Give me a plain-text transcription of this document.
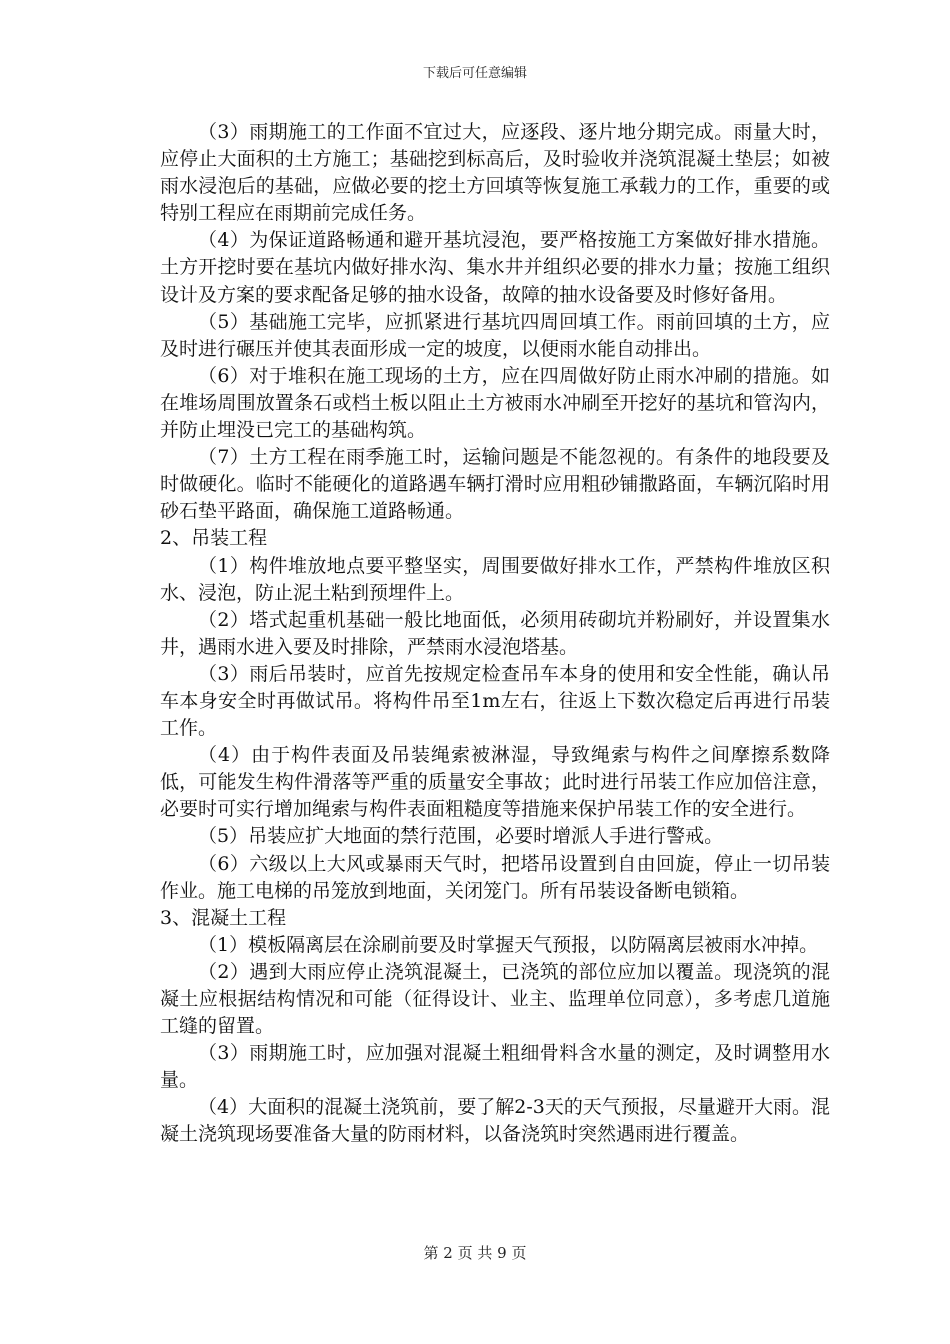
下载后可任意编辑

（3）雨期施工的工作面不宜过大，应逐段、逐片地分期完成。雨量大时，应停止大面积的土方施工；基础挖到标高后，及时验收并浇筑混凝土垫层；如被雨水浸泡后的基础，应做必要的挖土方回填等恢复施工承载力的工作，重要的或特别工程应在雨期前完成任务。

（4）为保证道路畅通和避开基坑浸泡，要严格按施工方案做好排水措施。土方开挖时要在基坑内做好排水沟、集水井并组织必要的排水力量；按施工组织设计及方案的要求配备足够的抽水设备，故障的抽水设备要及时修好备用。

（5）基础施工完毕，应抓紧进行基坑四周回填工作。雨前回填的土方，应及时进行碾压并使其表面形成一定的坡度，以便雨水能自动排出。

（6）对于堆积在施工现场的土方，应在四周做好防止雨水冲刷的措施。如在堆场周围放置条石或档土板以阻止土方被雨水冲刷至开挖好的基坑和管沟内，并防止埋没已完工的基础构筑。

（7）土方工程在雨季施工时，运输问题是不能忽视的。有条件的地段要及时做硬化。临时不能硬化的道路遇车辆打滑时应用粗砂铺撒路面，车辆沉陷时用砂石垫平路面，确保施工道路畅通。

2、吊装工程

（1）构件堆放地点要平整坚实，周围要做好排水工作，严禁构件堆放区积水、浸泡，防止泥土粘到预埋件上。

（2）塔式起重机基础一般比地面低，必须用砖砌坑并粉刷好，并设置集水井，遇雨水进入要及时排除，严禁雨水浸泡塔基。

（3）雨后吊装时，应首先按规定检查吊车本身的使用和安全性能，确认吊车本身安全时再做试吊。将构件吊至1m左右，往返上下数次稳定后再进行吊装工作。

（4）由于构件表面及吊装绳索被淋湿，导致绳索与构件之间摩擦系数降低，可能发生构件滑落等严重的质量安全事故；此时进行吊装工作应加倍注意，必要时可实行增加绳索与构件表面粗糙度等措施来保护吊装工作的安全进行。

（5）吊装应扩大地面的禁行范围，必要时增派人手进行警戒。

（6）六级以上大风或暴雨天气时，把塔吊设置到自由回旋，停止一切吊装作业。施工电梯的吊笼放到地面，关闭笼门。所有吊装设备断电锁箱。

3、混凝土工程

（1）模板隔离层在涂刷前要及时掌握天气预报，以防隔离层被雨水冲掉。

（2）遇到大雨应停止浇筑混凝土，已浇筑的部位应加以覆盖。现浇筑的混凝土应根据结构情况和可能（征得设计、业主、监理单位同意），多考虑几道施工缝的留置。

（3）雨期施工时，应加强对混凝土粗细骨料含水量的测定，及时调整用水量。

（4）大面积的混凝土浇筑前，要了解2-3天的天气预报，尽量避开大雨。混凝土浇筑现场要准备大量的防雨材料，以备浇筑时突然遇雨进行覆盖。

第 2 页 共 9 页
